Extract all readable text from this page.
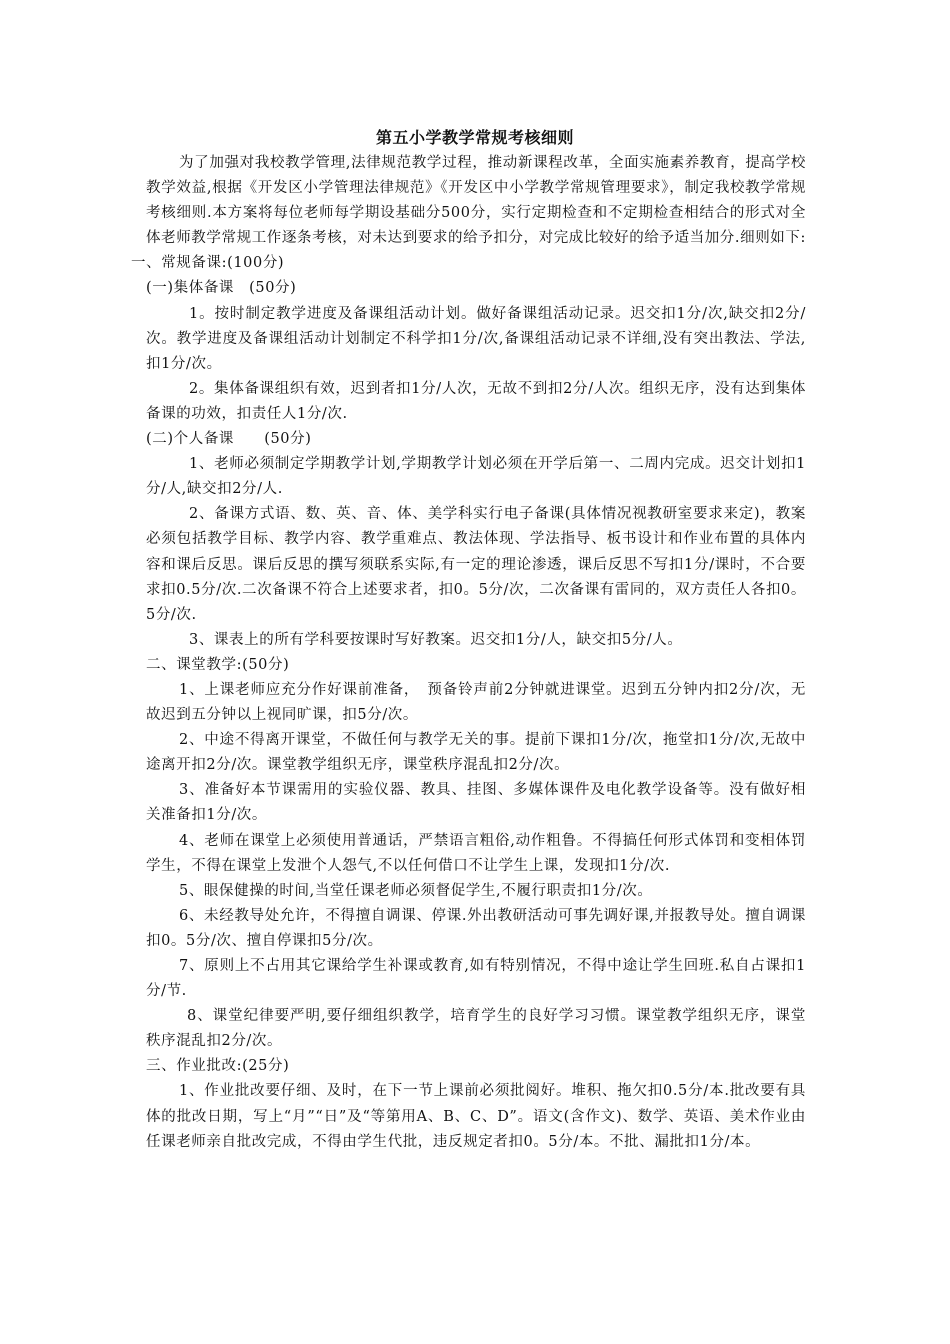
第五小学教学常规考核细则

为了加强对我校教学管理,法律规范教学过程，推动新课程改革，全面实施素养教育，提高学校教学效益,根据《开发区小学管理法律规范》《开发区中小学教学常规管理要求》，制定我校教学常规考核细则.本方案将每位老师每学期设基础分500分，实行定期检查和不定期检查相结合的形式对全体老师教学常规工作逐条考核，对未达到要求的给予扣分，对完成比较好的给予适当加分.细则如下:

一、常规备课:(100分)

(一)集体备课　(50分)

1。按时制定教学进度及备课组活动计划。做好备课组活动记录。迟交扣1分/次,缺交扣2分/次。教学进度及备课组活动计划制定不科学扣1分/次,备课组活动记录不详细,没有突出教法、学法,扣1分/次。

2。集体备课组织有效，迟到者扣1分/人次，无故不到扣2分/人次。组织无序，没有达到集体备课的功效，扣责任人1分/次.

(二)个人备课　　(50分)

1、老师必须制定学期教学计划,学期教学计划必须在开学后第一、二周内完成。迟交计划扣1分/人,缺交扣2分/人.

2、备课方式语、数、英、音、体、美学科实行电子备课(具体情况视教研室要求来定)，教案必须包括教学目标、教学内容、教学重难点、教法体现、学法指导、板书设计和作业布置的具体内容和课后反思。课后反思的撰写须联系实际,有一定的理论渗透，课后反思不写扣1分/课时，不合要求扣0.5分/次.二次备课不符合上述要求者，扣0。5分/次，二次备课有雷同的，双方责任人各扣0。5分/次.

3、课表上的所有学科要按课时写好教案。迟交扣1分/人，缺交扣5分/人。

二、课堂教学:(50分)

1、上课老师应充分作好课前准备，　预备铃声前2分钟就进课堂。迟到五分钟内扣2分/次，无故迟到五分钟以上视同旷课，扣5分/次。

2、中途不得离开课堂，不做任何与教学无关的事。提前下课扣1分/次，拖堂扣1分/次,无故中途离开扣2分/次。课堂教学组织无序，课堂秩序混乱扣2分/次。

3、准备好本节课需用的实验仪器、教具、挂图、多媒体课件及电化教学设备等。没有做好相关准备扣1分/次。

4、老师在课堂上必须使用普通话，严禁语言粗俗,动作粗鲁。不得搞任何形式体罚和变相体罚学生，不得在课堂上发泄个人怨气,不以任何借口不让学生上课，发现扣1分/次.

5、眼保健操的时间,当堂任课老师必须督促学生,不履行职责扣1分/次。

6、未经教导处允许，不得擅自调课、停课.外出教研活动可事先调好课,并报教导处。擅自调课扣0。5分/次、擅自停课扣5分/次。

7、原则上不占用其它课给学生补课或教育,如有特别情况，不得中途让学生回班.私自占课扣1分/节.

8、课堂纪律要严明,要仔细组织教学，培育学生的良好学习习惯。课堂教学组织无序，课堂秩序混乱扣2分/次。

三、作业批改:(25分)

1、作业批改要仔细、及时，在下一节上课前必须批阅好。堆积、拖欠扣0.5分/本.批改要有具体的批改日期，写上“月”“日”及“等第用A、B、C、D”。语文(含作文)、数学、英语、美术作业由任课老师亲自批改完成，不得由学生代批，违反规定者扣0。5分/本。不批、漏批扣1分/本。
